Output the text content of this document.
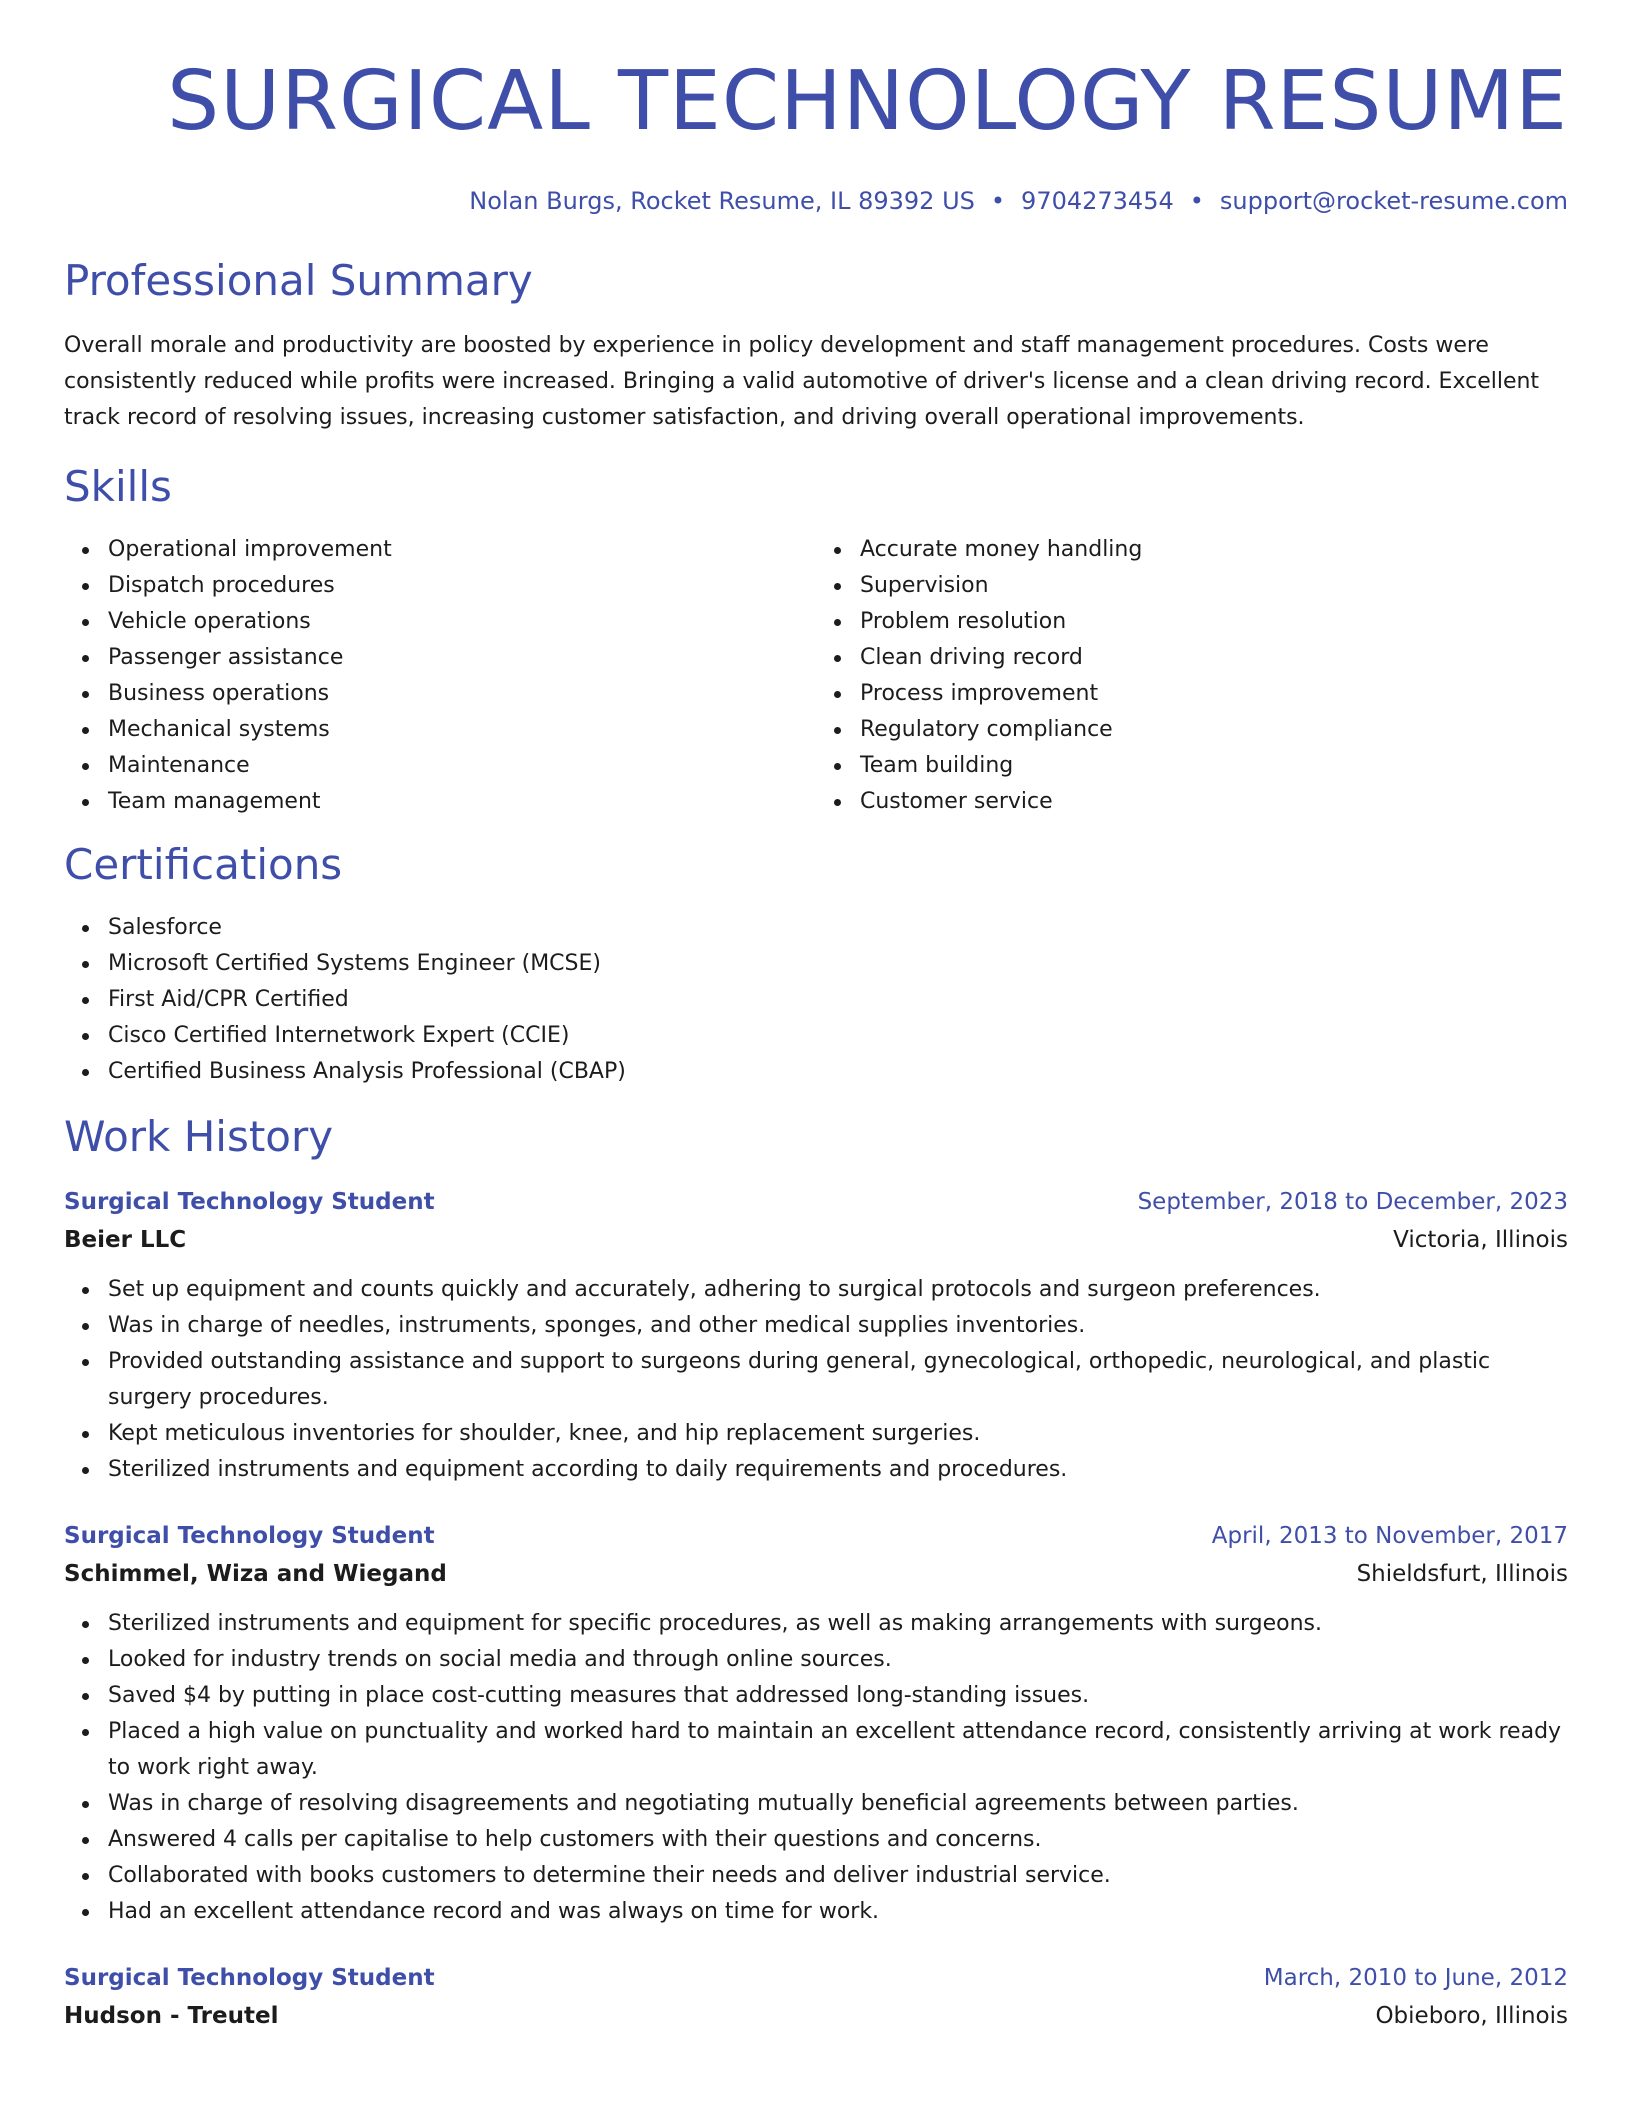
SURGICAL TECHNOLOGY RESUME
Nolan Burgs, Rocket Resume, IL 89392 US • 9704273454 • support@rocket-resume.com
Professional Summary

Overall morale and productivity are boosted by experience in policy development and staff management procedures. Costs were consistently reduced while profits were increased. Bringing a valid automotive of driver's license and a clean driving record. Excellent track record of resolving issues, increasing customer satisfaction, and driving overall operational improvements.

Skills
Operational improvement
Dispatch procedures
Vehicle operations
Passenger assistance
Business operations
Mechanical systems
Maintenance
Team management
Accurate money handling
Supervision
Problem resolution
Clean driving record
Process improvement
Regulatory compliance
Team building
Customer service
Certifications
Salesforce
Microsoft Certified Systems Engineer (MCSE)
First Aid/CPR Certified
Cisco Certified Internetwork Expert (CCIE)
Certified Business Analysis Professional (CBAP)
Work History
Surgical Technology Student	September, 2018 to December, 2023
Beier LLC	Victoria, Illinois
Set up equipment and counts quickly and accurately, adhering to surgical protocols and surgeon preferences.
Was in charge of needles, instruments, sponges, and other medical supplies inventories.
Provided outstanding assistance and support to surgeons during general, gynecological, orthopedic, neurological, and plastic surgery procedures.
Kept meticulous inventories for shoulder, knee, and hip replacement surgeries.
Sterilized instruments and equipment according to daily requirements and procedures.
Surgical Technology Student	April, 2013 to November, 2017
Schimmel, Wiza and Wiegand	Shieldsfurt, Illinois
Sterilized instruments and equipment for specific procedures, as well as making arrangements with surgeons.
Looked for industry trends on social media and through online sources.
Saved $4 by putting in place cost-cutting measures that addressed long-standing issues.
Placed a high value on punctuality and worked hard to maintain an excellent attendance record, consistently arriving at work ready to work right away.
Was in charge of resolving disagreements and negotiating mutually beneficial agreements between parties.
Answered 4 calls per capitalise to help customers with their questions and concerns.
Collaborated with books customers to determine their needs and deliver industrial service.
Had an excellent attendance record and was always on time for work.
Surgical Technology Student	March, 2010 to June, 2012
Hudson - Treutel	Obieboro, Illinois
